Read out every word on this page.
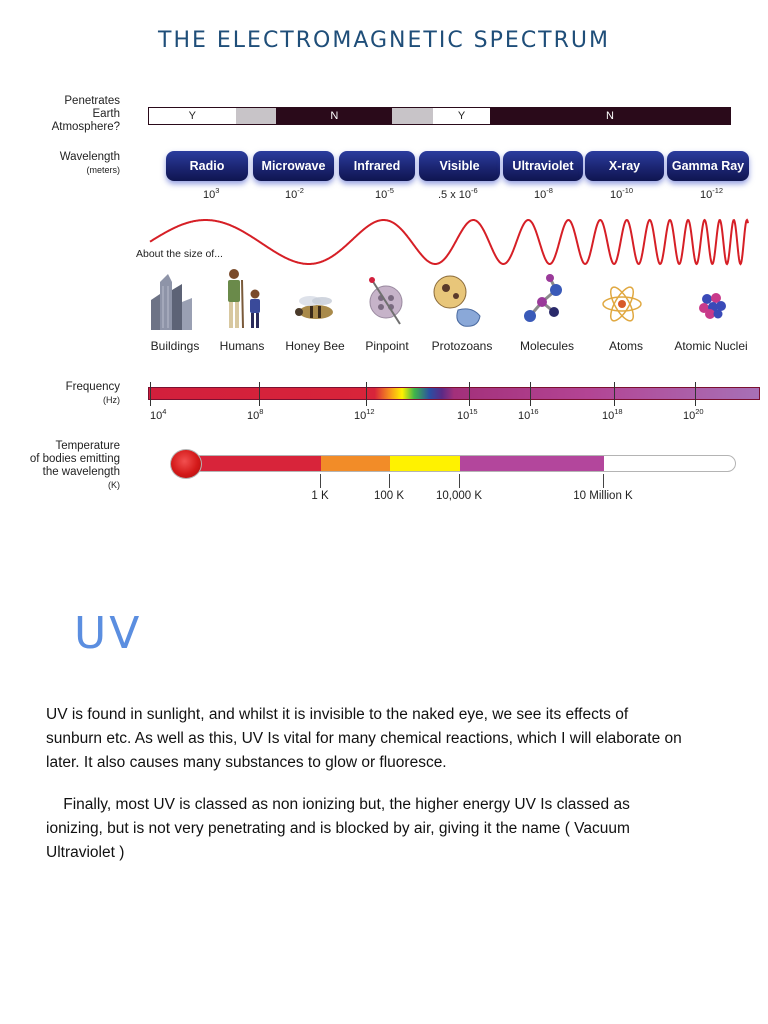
THE ELECTROMAGNETIC SPECTRUM
Penetrates
Earth
Atmosphere?
Y	N	Y	N
Wavelength
(meters)	Radio	Microwave	Infrared	Visible	Ultraviolet	X-ray	Gamma Ray
$10^3$	$10^{-2}$	$10^{-5}$	.5 x $10^{-6}$	$10^{-8}$	$10^{-10}$	$10^{-12}$
About the size of...
Buildings	Humans	Honey Bee	Pinpoint	Protozoans	Molecules	Atoms	Atomic Nuclei
Frequency
(Hz)
$10^4$	$10^8$	$10^{12}$	$10^{15}$	$10^{16}$	$10^{18}$	$10^{20}$
Temperature
of bodies emitting
the wavelength
(K)
1 K	100 K	10,000 K	10 Million K
UV
UV is found in sunlight, and whilst it is invisible to the naked eye, we see its effects of sunburn etc. As well as this, UV Is vital for many chemical reactions, which I will elaborate on later. It also causes many substances to glow or fluoresce.
Finally, most UV is classed as non ionizing but, the higher energy UV Is classed as ionizing, but is not very penetrating and is blocked by air, giving it the name ( Vacuum Ultraviolet )
